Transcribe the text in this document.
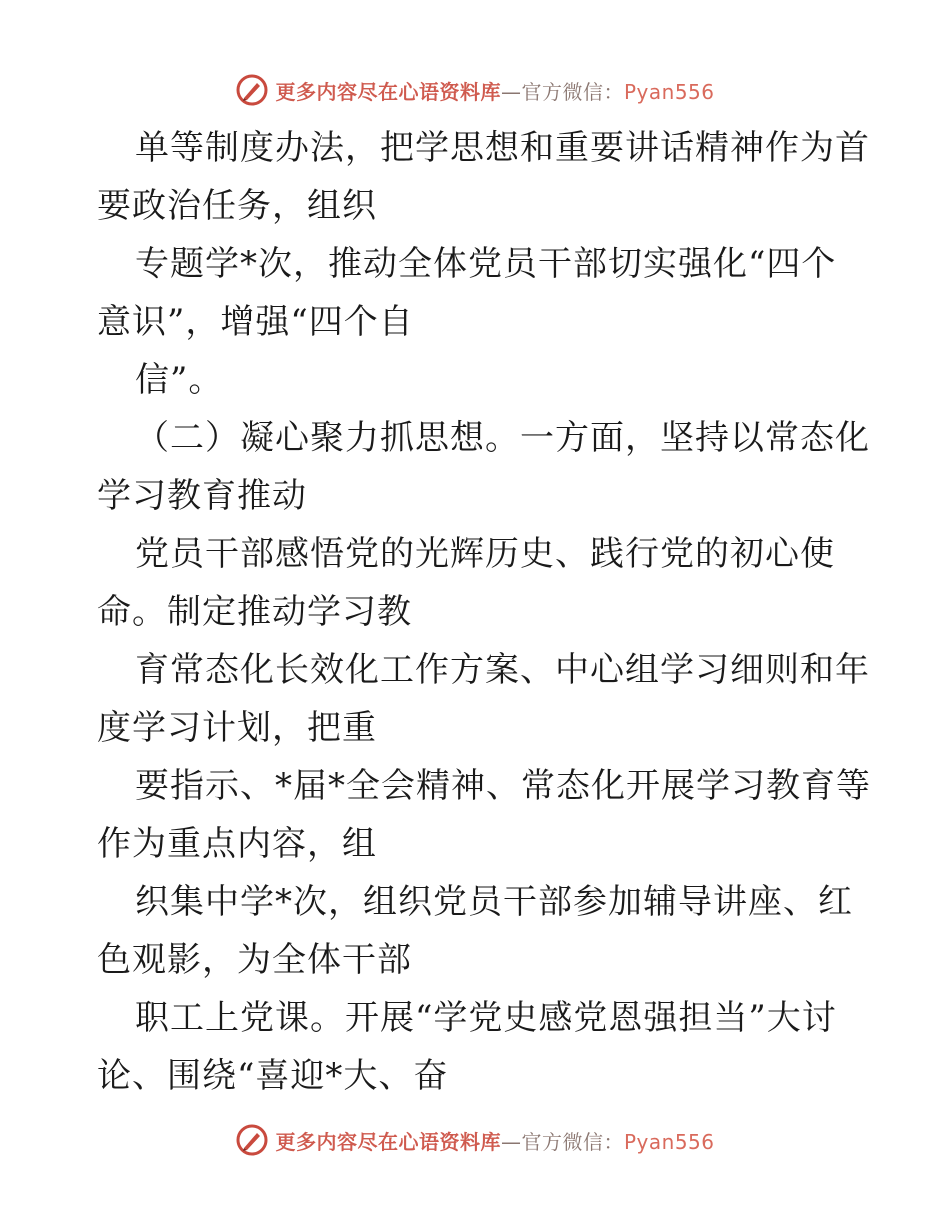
更多内容尽在心语资料库—官方微信：Pyan556
单等制度办法，把学思想和重要讲话精神作为首
要政治任务，组织
专题学*次，推动全体党员干部切实强化“四个
意识”，增强“四个自
信”。
（二）凝心聚力抓思想。一方面，坚持以常态化
学习教育推动
党员干部感悟党的光辉历史、践行党的初心使
命。制定推动学习教
育常态化长效化工作方案、中心组学习细则和年
度学习计划，把重
要指示、*届*全会精神、常态化开展学习教育等
作为重点内容，组
织集中学*次，组织党员干部参加辅导讲座、红
色观影，为全体干部
职工上党课。开展“学党史感党恩强担当”大讨
论、围绕“喜迎*大、奋
更多内容尽在心语资料库—官方微信：Pyan556
